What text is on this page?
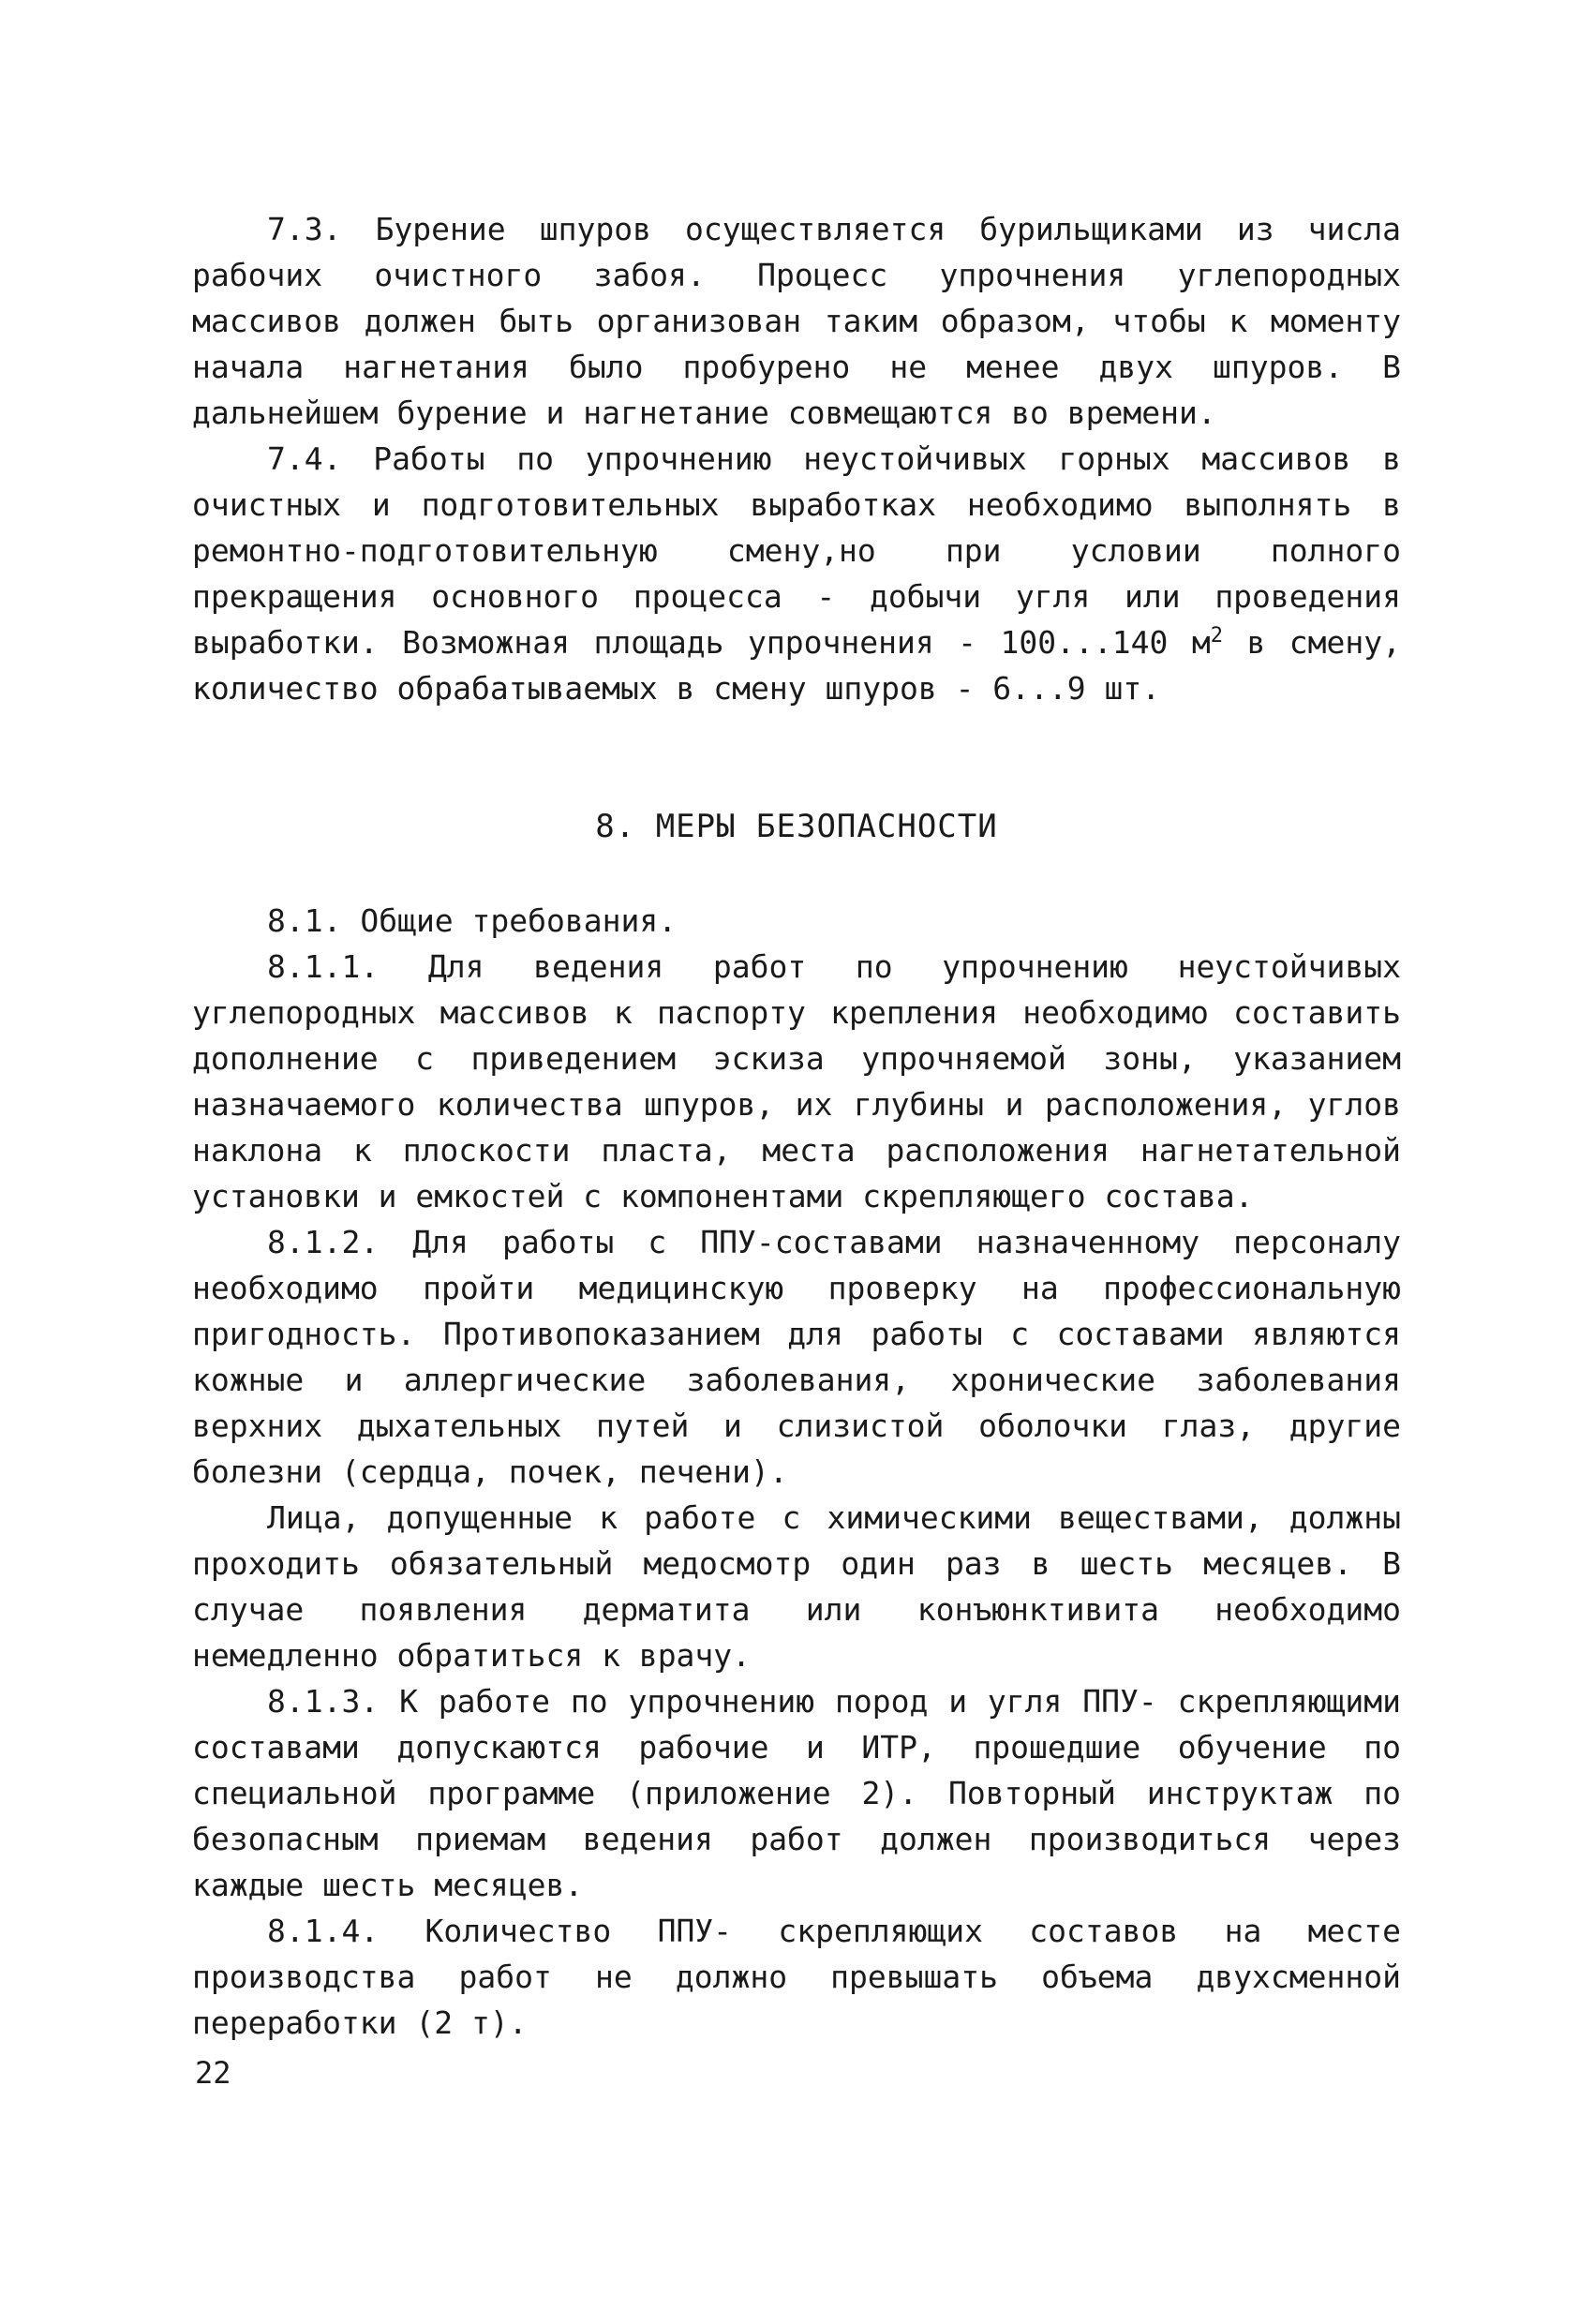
7.3. Бурение шпуров осуществляется бурильщиками из числа рабочих очистного забоя. Процесс упрочнения углепородных массивов должен быть организован таким образом, чтобы к моменту начала нагнетания было пробурено не менее двух шпуров. В дальнейшем бурение и нагнетание совмещаются во времени.

7.4. Работы по упрочнению неустойчивых горных массивов в очистных и подготовительных выработках необходимо выполнять в ремонтно-подготовительную смену,но при условии полного прекращения основного процесса - добычи угля или проведения выработки. Возможная площадь упрочнения - 100...140 $м^2$ в смену, количество обрабатываемых в смену шпуров - 6...9 шт.

8. МЕРЫ БЕЗОПАСНОСТИ

8.1. Общие требования.

8.1.1. Для ведения работ по упрочнению неустойчивых углепородных массивов к паспорту крепления необходимо составить дополнение с приведением эскиза упрочняемой зоны, указанием назначаемого количества шпуров, их глубины и расположения, углов наклона к плоскости пласта, места расположения нагнетательной установки и емкостей с компонентами скрепляющего состава.

8.1.2. Для работы с ППУ-составами назначенному персоналу необходимо пройти медицинскую проверку на профессиональную пригодность. Противопоказанием для работы с составами являются кожные и аллергические заболевания, хронические заболевания верхних дыхательных путей и слизистой оболочки глаз, другие болезни (сердца, почек, печени).

Лица, допущенные к работе с химическими веществами, должны проходить обязательный медосмотр один раз в шесть месяцев. В случае появления дерматита или конъюнктивита необходимо немедленно обратиться к врачу.

8.1.3. К работе по упрочнению пород и угля ППУ- скрепляющими составами допускаются рабочие и ИТР, прошедшие обучение по специальной программе (приложение 2). Повторный инструктаж по безопасным приемам ведения работ должен производиться через каждые шесть месяцев.

8.1.4. Количество ППУ- скрепляющих составов на месте производства работ не должно превышать объема двухсменной переработки (2 т).

22
